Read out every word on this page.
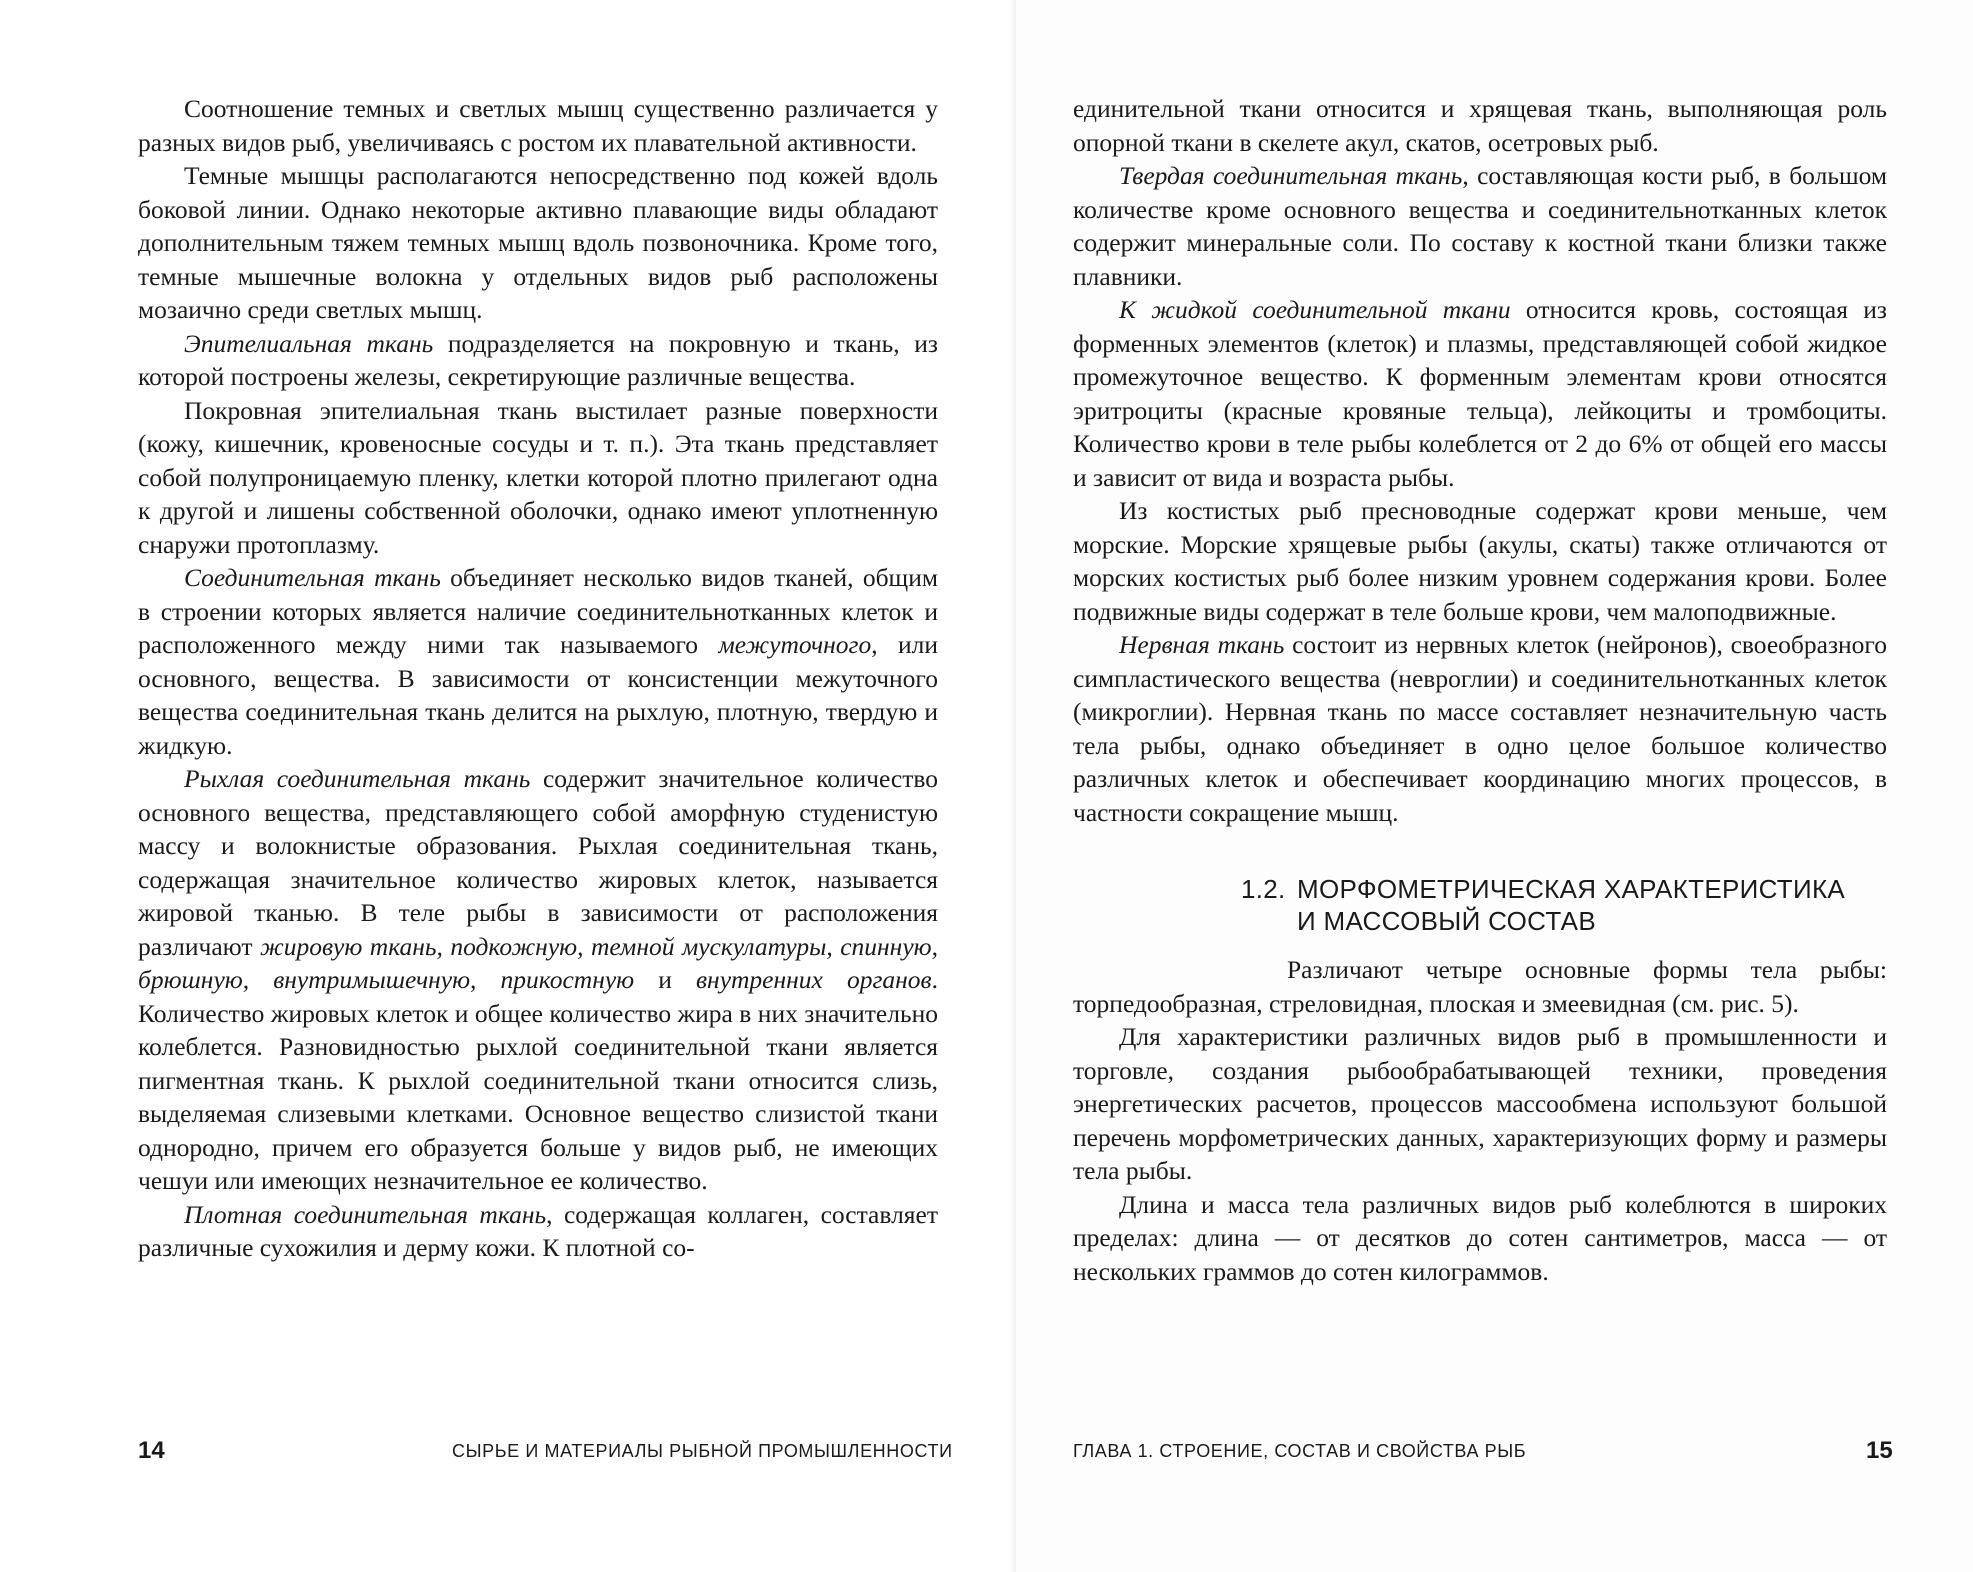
Соотношение темных и светлых мышц существенно различается у разных видов рыб, увеличиваясь с ростом их плавательной активности.

Темные мышцы располагаются непосредственно под кожей вдоль боковой линии. Однако некоторые активно плавающие виды обладают дополнительным тяжем темных мышц вдоль позвоночника. Кроме того, темные мышечные волокна у отдельных видов рыб расположены мозаично среди светлых мышц.

Эпителиальная ткань подразделяется на покровную и ткань, из которой построены железы, секретирующие различные вещества.

Покровная эпителиальная ткань выстилает разные поверхности (кожу, кишечник, кровеносные сосуды и т. п.). Эта ткань представляет собой полупроницаемую пленку, клетки которой плотно прилегают одна к другой и лишены собственной оболочки, однако имеют уплотненную снаружи протоплазму.

Соединительная ткань объединяет несколько видов тканей, общим в строении которых является наличие соединительнотканных клеток и расположенного между ними так называемого межуточного, или основного, вещества. В зависимости от консистенции межуточного вещества соединительная ткань делится на рыхлую, плотную, твердую и жидкую.

Рыхлая соединительная ткань содержит значительное количество основного вещества, представляющего собой аморфную студенистую массу и волокнистые образования. Рыхлая соединительная ткань, содержащая значительное количество жировых клеток, называется жировой тканью. В теле рыбы в зависимости от расположения различают жировую ткань, подкожную, темной мускулатуры, спинную, брюшную, внутримышечную, прикостную и внутренних органов. Количество жировых клеток и общее количество жира в них значительно колеблется. Разновидностью рыхлой соединительной ткани является пигментная ткань. К рыхлой соединительной ткани относится слизь, выделяемая слизевыми клетками. Основное вещество слизистой ткани однородно, причем его образуется больше у видов рыб, не имеющих чешуи или имеющих незначительное ее количество.

Плотная соединительная ткань, содержащая коллаген, составляет различные сухожилия и дерму кожи. К плотной со-

14	СЫРЬЕ И МАТЕРИАЛЫ РЫБНОЙ ПРОМЫШЛЕННОСТИ

единительной ткани относится и хрящевая ткань, выполняющая роль опорной ткани в скелете акул, скатов, осетровых рыб.

Твердая соединительная ткань, составляющая кости рыб, в большом количестве кроме основного вещества и соединительнотканных клеток содержит минеральные соли. По составу к костной ткани близки также плавники.

К жидкой соединительной ткани относится кровь, состоящая из форменных элементов (клеток) и плазмы, представляющей собой жидкое промежуточное вещество. К форменным элементам крови относятся эритроциты (красные кровяные тельца), лейкоциты и тромбоциты. Количество крови в теле рыбы колеблется от 2 до 6% от общей его массы и зависит от вида и возраста рыбы.

Из костистых рыб пресноводные содержат крови меньше, чем морские. Морские хрящевые рыбы (акулы, скаты) также отличаются от морских костистых рыб более низким уровнем содержания крови. Более подвижные виды содержат в теле больше крови, чем малоподвижные.

Нервная ткань состоит из нервных клеток (нейронов), своеобразного симпластического вещества (невроглии) и соединительнотканных клеток (микроглии). Нервная ткань по массе составляет незначительную часть тела рыбы, однако объединяет в одно целое большое количество различных клеток и обеспечивает координацию многих процессов, в частности сокращение мышц.

1.2. МОРФОМЕТРИЧЕСКАЯ ХАРАКТЕРИСТИКА
И МАССОВЫЙ СОСТАВ

Различают четыре основные формы тела рыбы: торпедообразная, стреловидная, плоская и змеевидная (см. рис. 5).

Для характеристики различных видов рыб в промышленности и торговле, создания рыбообрабатывающей техники, проведения энергетических расчетов, процессов массообмена используют большой перечень морфометрических данных, характеризующих форму и размеры тела рыбы.

Длина и масса тела различных видов рыб колеблются в широких пределах: длина — от десятков до сотен сантиметров, масса — от нескольких граммов до сотен килограммов.

ГЛАВА 1. СТРОЕНИЕ, СОСТАВ И СВОЙСТВА РЫБ	15
